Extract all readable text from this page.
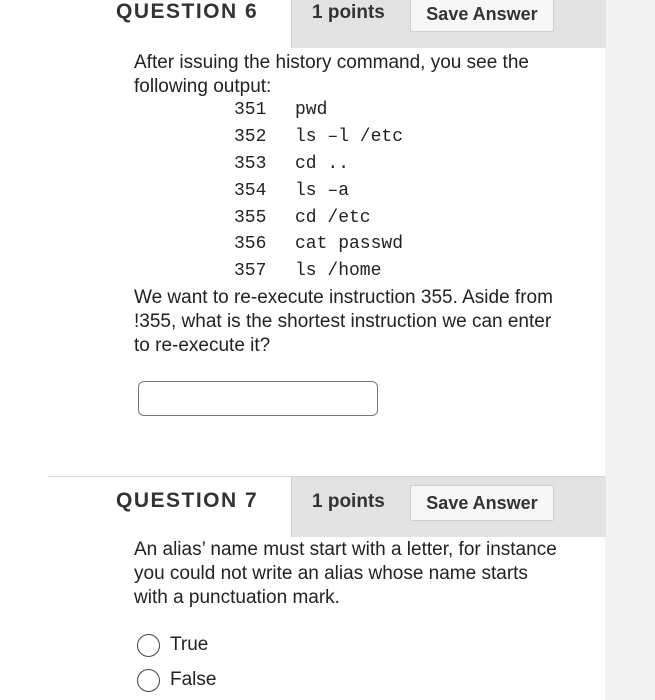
QUESTION 6	1 points	Save Answer

After issuing the history command, you see the following output:

351	pwd
352	ls –l /etc
353	cd ..
354	ls –a
355	cd /etc
356	cat passwd
357	ls /home

We want to re-execute instruction 355. Aside from !355, what is the shortest instruction we can enter to re-execute it?

QUESTION 7	1 points	Save Answer

An alias’ name must start with a letter, for instance you could not write an alias whose name starts with a punctuation mark.

True
False
